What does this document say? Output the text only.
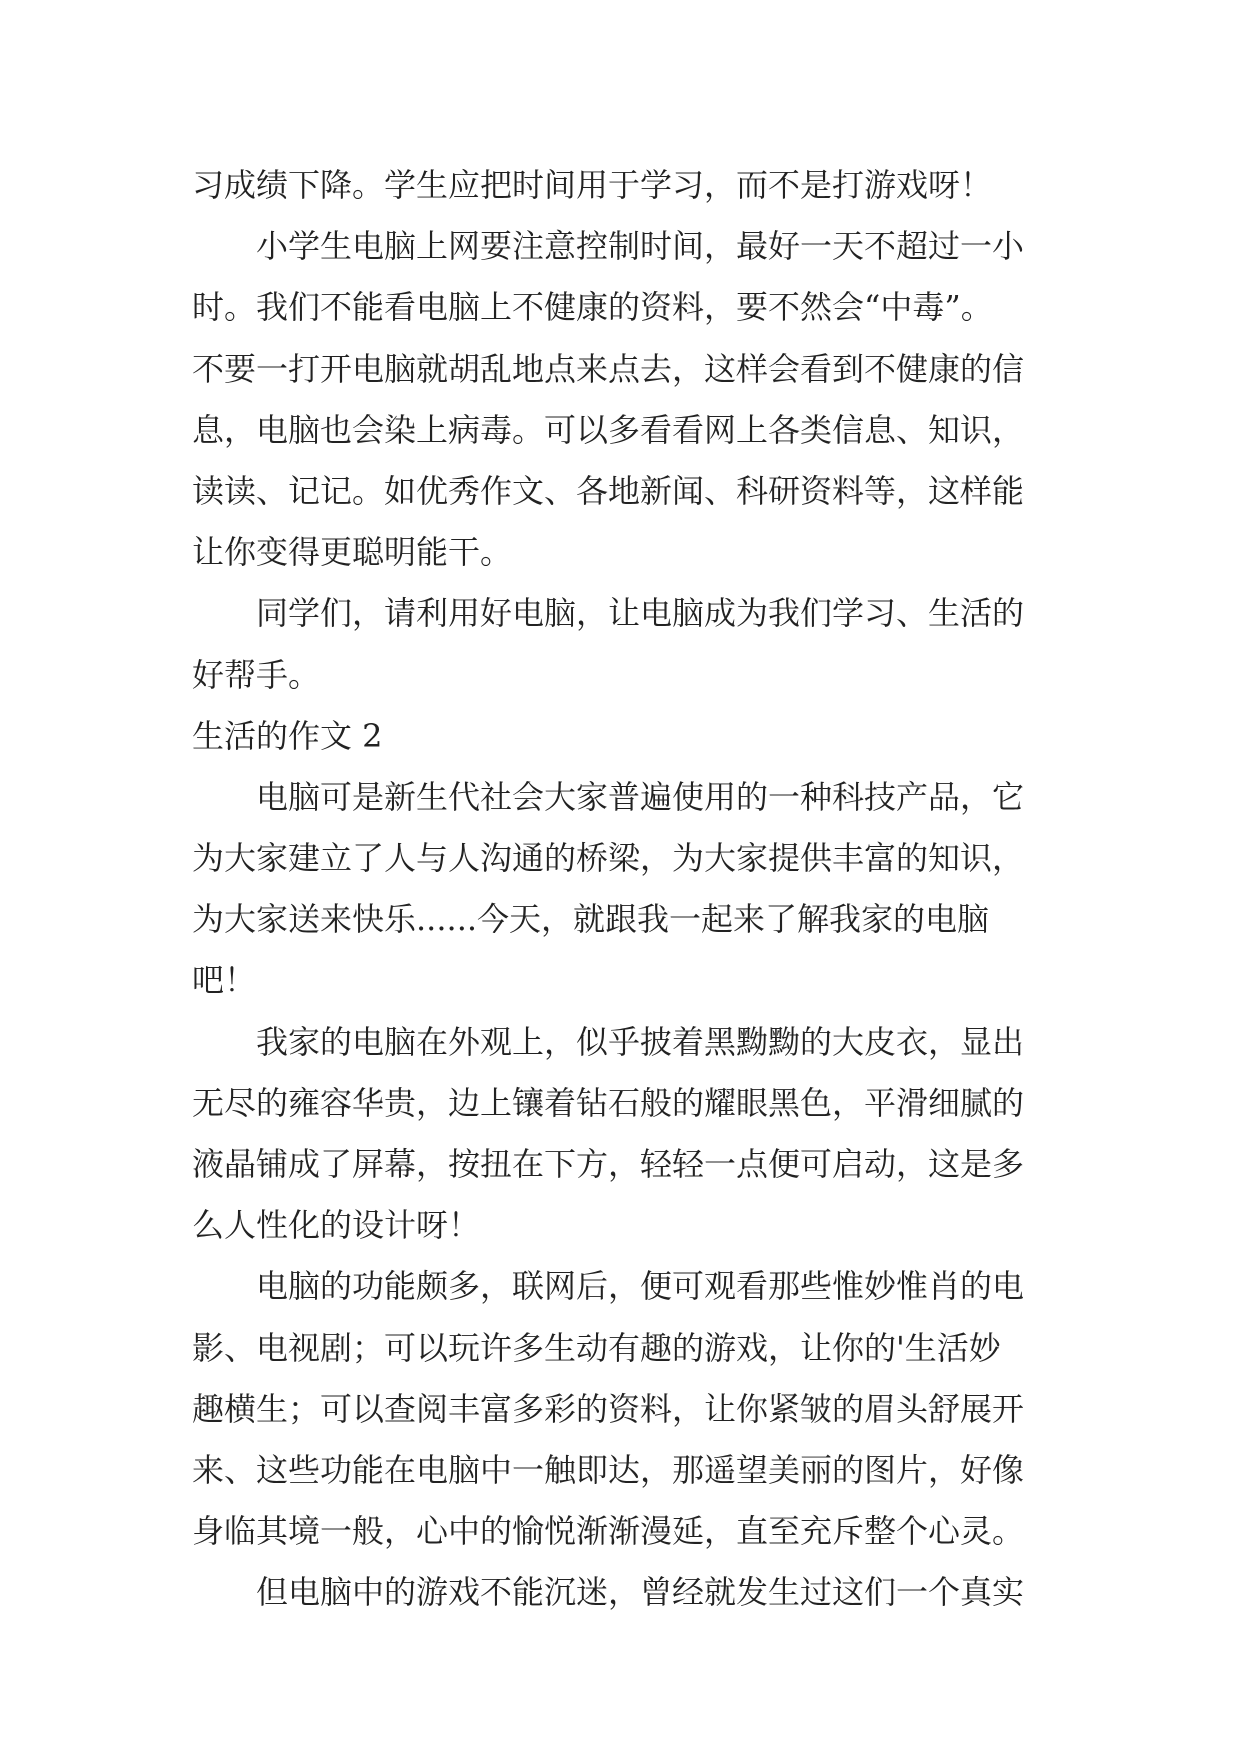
习成绩下降。学生应把时间用于学习，而不是打游戏呀！
小学生电脑上网要注意控制时间，最好一天不超过一小
时。我们不能看电脑上不健康的资料，要不然会“中毒”。
不要一打开电脑就胡乱地点来点去，这样会看到不健康的信
息，电脑也会染上病毒。可以多看看网上各类信息、知识，
读读、记记。如优秀作文、各地新闻、科研资料等，这样能
让你变得更聪明能干。
同学们，请利用好电脑，让电脑成为我们学习、生活的
好帮手。
生活的作文 2
电脑可是新生代社会大家普遍使用的一种科技产品，它
为大家建立了人与人沟通的桥梁，为大家提供丰富的知识，
为大家送来快乐......今天，就跟我一起来了解我家的电脑
吧！
我家的电脑在外观上，似乎披着黑黝黝的大皮衣，显出
无尽的雍容华贵，边上镶着钻石般的耀眼黑色，平滑细腻的
液晶铺成了屏幕，按扭在下方，轻轻一点便可启动，这是多
么人性化的设计呀！
电脑的功能颇多，联网后，便可观看那些惟妙惟肖的电
影、电视剧；可以玩许多生动有趣的游戏，让你的'生活妙
趣横生；可以查阅丰富多彩的资料，让你紧皱的眉头舒展开
来、这些功能在电脑中一触即达，那遥望美丽的图片，好像
身临其境一般，心中的愉悦渐渐漫延，直至充斥整个心灵。
但电脑中的游戏不能沉迷，曾经就发生过这们一个真实
